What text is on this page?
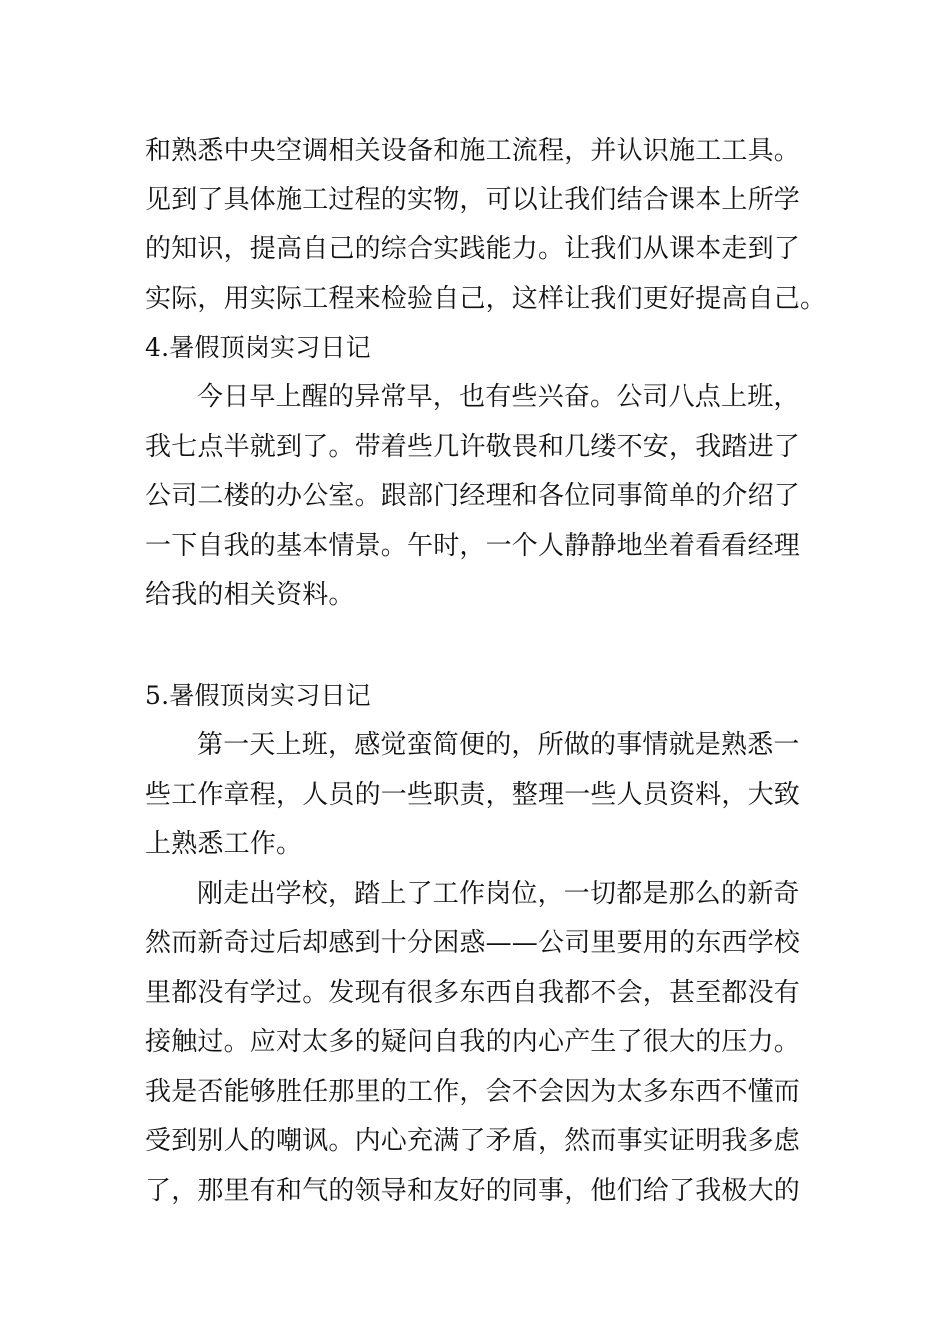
和熟悉中央空调相关设备和施工流程，并认识施工工具。
见到了具体施工过程的实物，可以让我们结合课本上所学
的知识，提高自己的综合实践能力。让我们从课本走到了
实际，用实际工程来检验自己，这样让我们更好提高自己。
4.暑假顶岗实习日记
今日早上醒的异常早，也有些兴奋。公司八点上班，
我七点半就到了。带着些几许敬畏和几缕不安，我踏进了
公司二楼的办公室。跟部门经理和各位同事简单的介绍了
一下自我的基本情景。午时，一个人静静地坐着看看经理
给我的相关资料。
5.暑假顶岗实习日记
第一天上班，感觉蛮简便的，所做的事情就是熟悉一
些工作章程，人员的一些职责，整理一些人员资料，大致
上熟悉工作。
刚走出学校，踏上了工作岗位，一切都是那么的新奇
然而新奇过后却感到十分困惑——公司里要用的东西学校
里都没有学过。发现有很多东西自我都不会，甚至都没有
接触过。应对太多的疑问自我的内心产生了很大的压力。
我是否能够胜任那里的工作，会不会因为太多东西不懂而
受到别人的嘲讽。内心充满了矛盾，然而事实证明我多虑
了，那里有和气的领导和友好的同事，他们给了我极大的
